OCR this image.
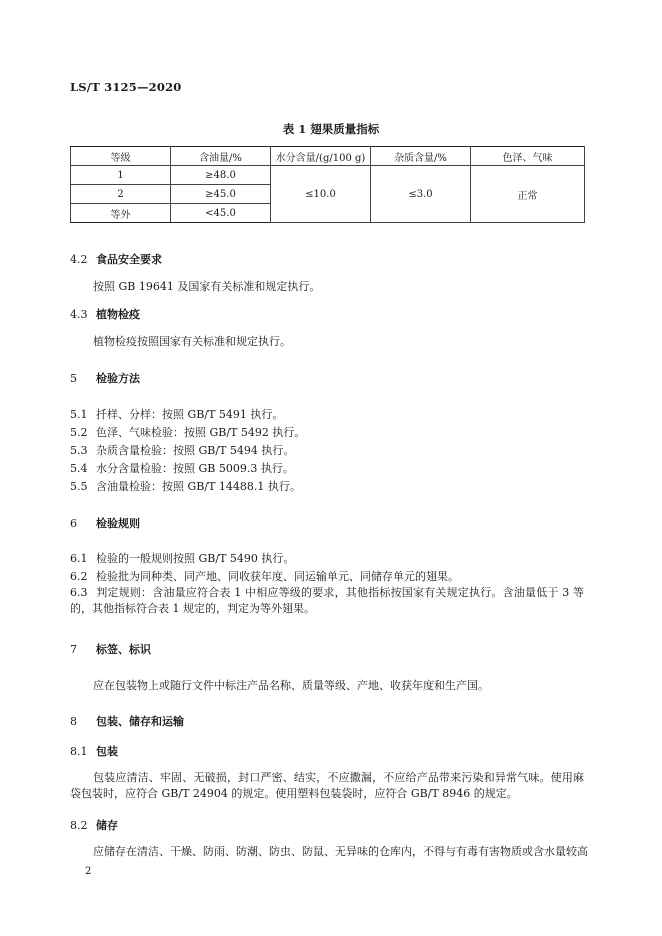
LS/T 3125—2020
表 1 翅果质量指标
等级	含油量/%	水分含量/(g/100 g)	杂质含量/%	色泽、气味
1	≥48.0	≤10.0	≤3.0	正常
2	≥45.0			
等外	<45.0			
4.2 食品安全要求
按照 GB 19641 及国家有关标准和规定执行。
4.3 植物检疫
植物检疫按照国家有关标准和规定执行。
5 检验方法
5.1 扦样、分样：按照 GB/T 5491 执行。
5.2 色泽、气味检验：按照 GB/T 5492 执行。
5.3 杂质含量检验：按照 GB/T 5494 执行。
5.4 水分含量检验：按照 GB 5009.3 执行。
5.5 含油量检验：按照 GB/T 14488.1 执行。
6 检验规则
6.1 检验的一般规则按照 GB/T 5490 执行。
6.2 检验批为同种类、同产地、同收获年度、同运输单元、同储存单元的翅果。
6.3 判定规则：含油量应符合表 1 中相应等级的要求，其他指标按国家有关规定执行。含油量低于 3 等的，其他指标符合表 1 规定的，判定为等外翅果。
7 标签、标识
应在包装物上或随行文件中标注产品名称、质量等级、产地、收获年度和生产国。
8 包装、储存和运输
8.1 包装
包装应清洁、牢固、无破损，封口严密、结实，不应撒漏，不应给产品带来污染和异常气味。使用麻袋包装时，应符合 GB/T 24904 的规定。使用塑料包装袋时，应符合 GB/T 8946 的规定。
8.2 储存
应储存在清洁、干燥、防雨、防潮、防虫、防鼠、无异味的仓库内，不得与有毒有害物质或含水量较高
2
